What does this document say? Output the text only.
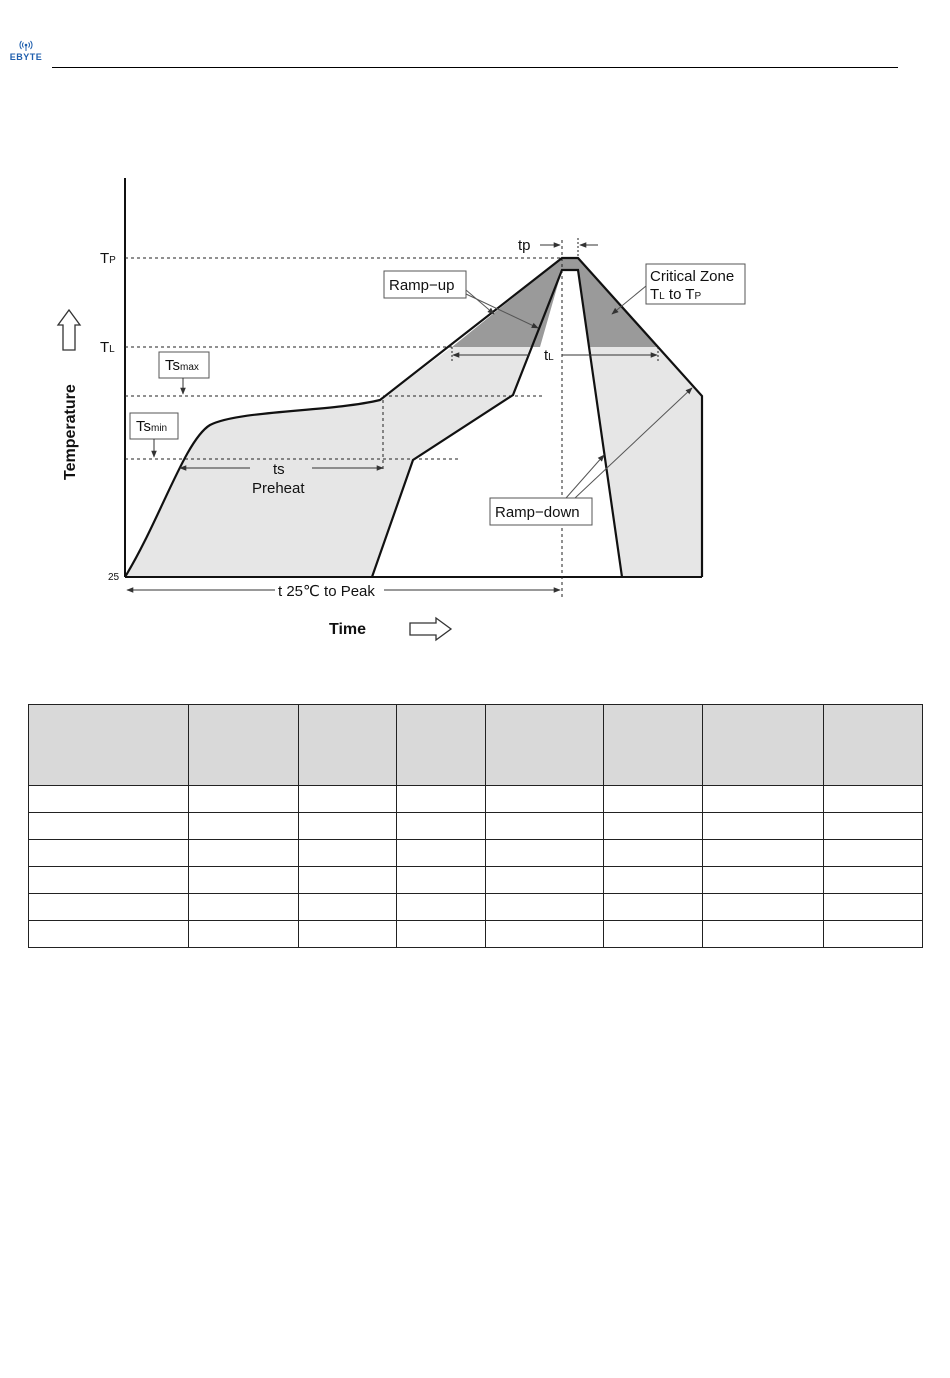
EBYTE
TP
TL
25
Tsmax
Tsmin
ts
Preheat
tp
Ramp−up
Critical Zone
TL to TP
tL
Ramp−down
t 25℃ to Peak
Temperature
Time
